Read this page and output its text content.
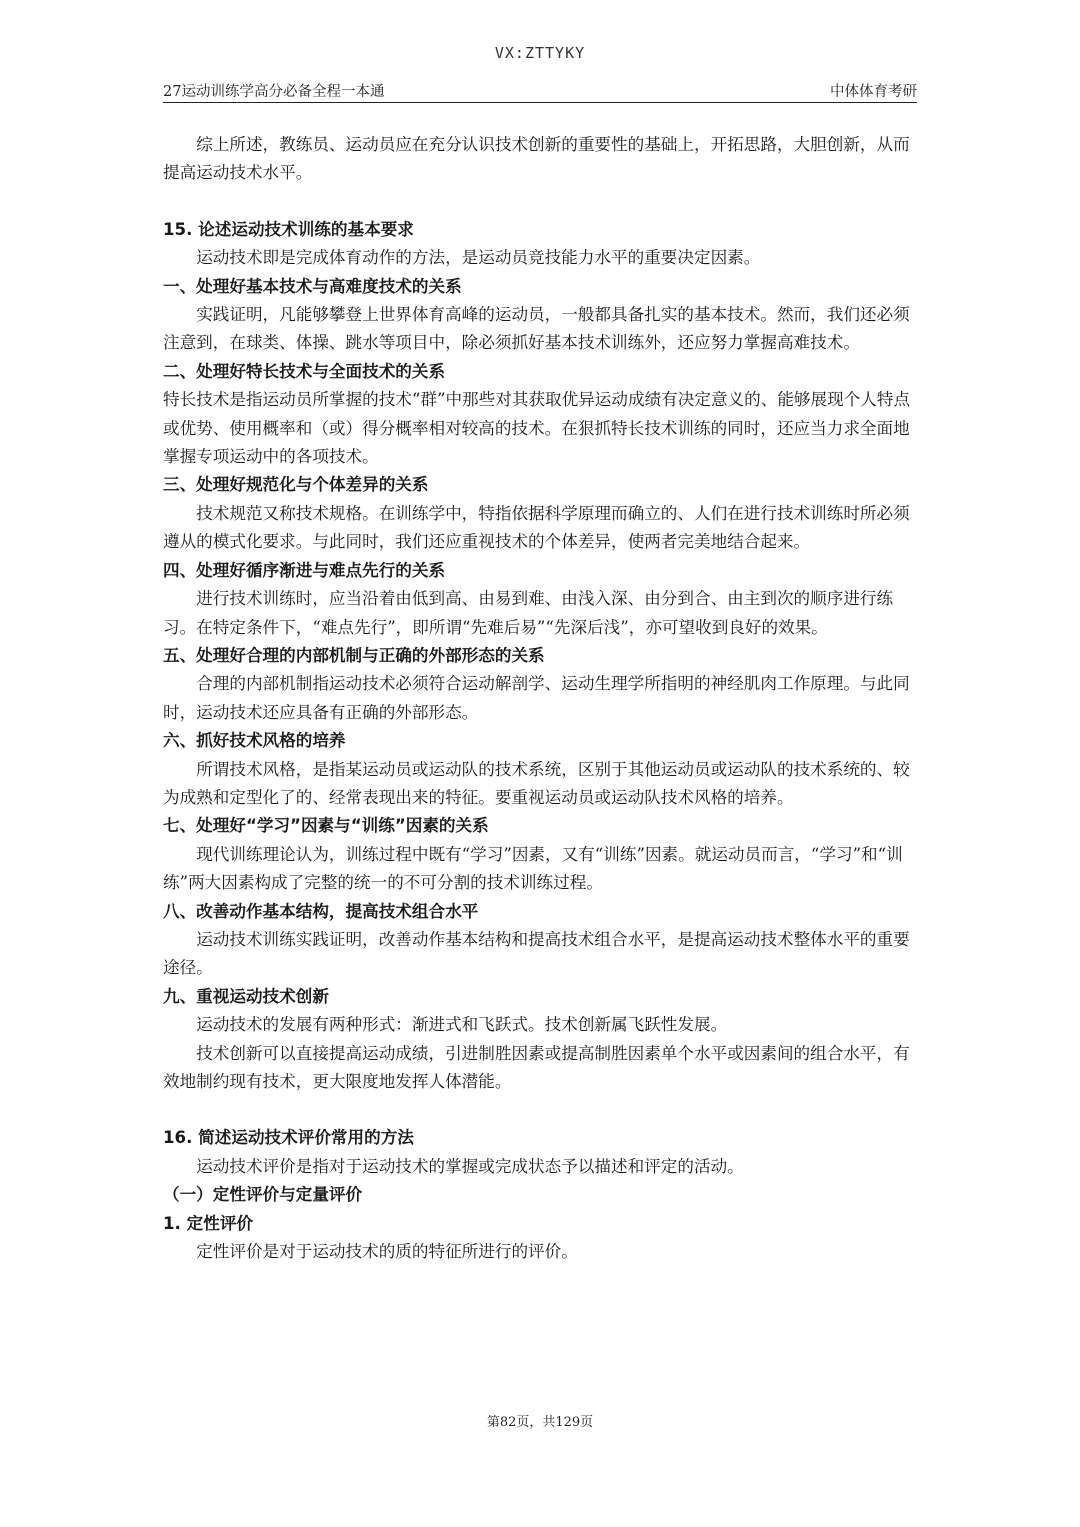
VX:ZTTYKY
27运动训练学高分必备全程一本通	中体体育考研

综上所述，教练员、运动员应在充分认识技术创新的重要性的基础上，开拓思路，大胆创新，从而提高运动技术水平。

15. 论述运动技术训练的基本要求

运动技术即是完成体育动作的方法，是运动员竞技能力水平的重要决定因素。

一、处理好基本技术与高难度技术的关系

实践证明，凡能够攀登上世界体育高峰的运动员，一般都具备扎实的基本技术。然而，我们还必须注意到，在球类、体操、跳水等项目中，除必须抓好基本技术训练外，还应努力掌握高难技术。

二、处理好特长技术与全面技术的关系

特长技术是指运动员所掌握的技术“群”中那些对其获取优异运动成绩有决定意义的、能够展现个人特点或优势、使用概率和（或）得分概率相对较高的技术。在狠抓特长技术训练的同时，还应当力求全面地掌握专项运动中的各项技术。

三、处理好规范化与个体差异的关系

技术规范又称技术规格。在训练学中，特指依据科学原理而确立的、人们在进行技术训练时所必须遵从的模式化要求。与此同时，我们还应重视技术的个体差异，使两者完美地结合起来。

四、处理好循序渐进与难点先行的关系

进行技术训练时，应当沿着由低到高、由易到难、由浅入深、由分到合、由主到次的顺序进行练习。在特定条件下，“难点先行”，即所谓“先难后易”“先深后浅”，亦可望收到良好的效果。

五、处理好合理的内部机制与正确的外部形态的关系

合理的内部机制指运动技术必须符合运动解剖学、运动生理学所指明的神经肌肉工作原理。与此同时，运动技术还应具备有正确的外部形态。

六、抓好技术风格的培养

所谓技术风格，是指某运动员或运动队的技术系统，区别于其他运动员或运动队的技术系统的、较为成熟和定型化了的、经常表现出来的特征。要重视运动员或运动队技术风格的培养。

七、处理好“学习”因素与“训练”因素的关系

现代训练理论认为，训练过程中既有“学习”因素，又有“训练”因素。就运动员而言，“学习”和“训练”两大因素构成了完整的统一的不可分割的技术训练过程。

八、改善动作基本结构，提高技术组合水平

运动技术训练实践证明，改善动作基本结构和提高技术组合水平，是提高运动技术整体水平的重要途径。

九、重视运动技术创新

运动技术的发展有两种形式：渐进式和飞跃式。技术创新属飞跃性发展。

技术创新可以直接提高运动成绩，引进制胜因素或提高制胜因素单个水平或因素间的组合水平，有效地制约现有技术，更大限度地发挥人体潜能。

16. 简述运动技术评价常用的方法

运动技术评价是指对于运动技术的掌握或完成状态予以描述和评定的活动。

（一）定性评价与定量评价

1. 定性评价

定性评价是对于运动技术的质的特征所进行的评价。

第82页，共129页
